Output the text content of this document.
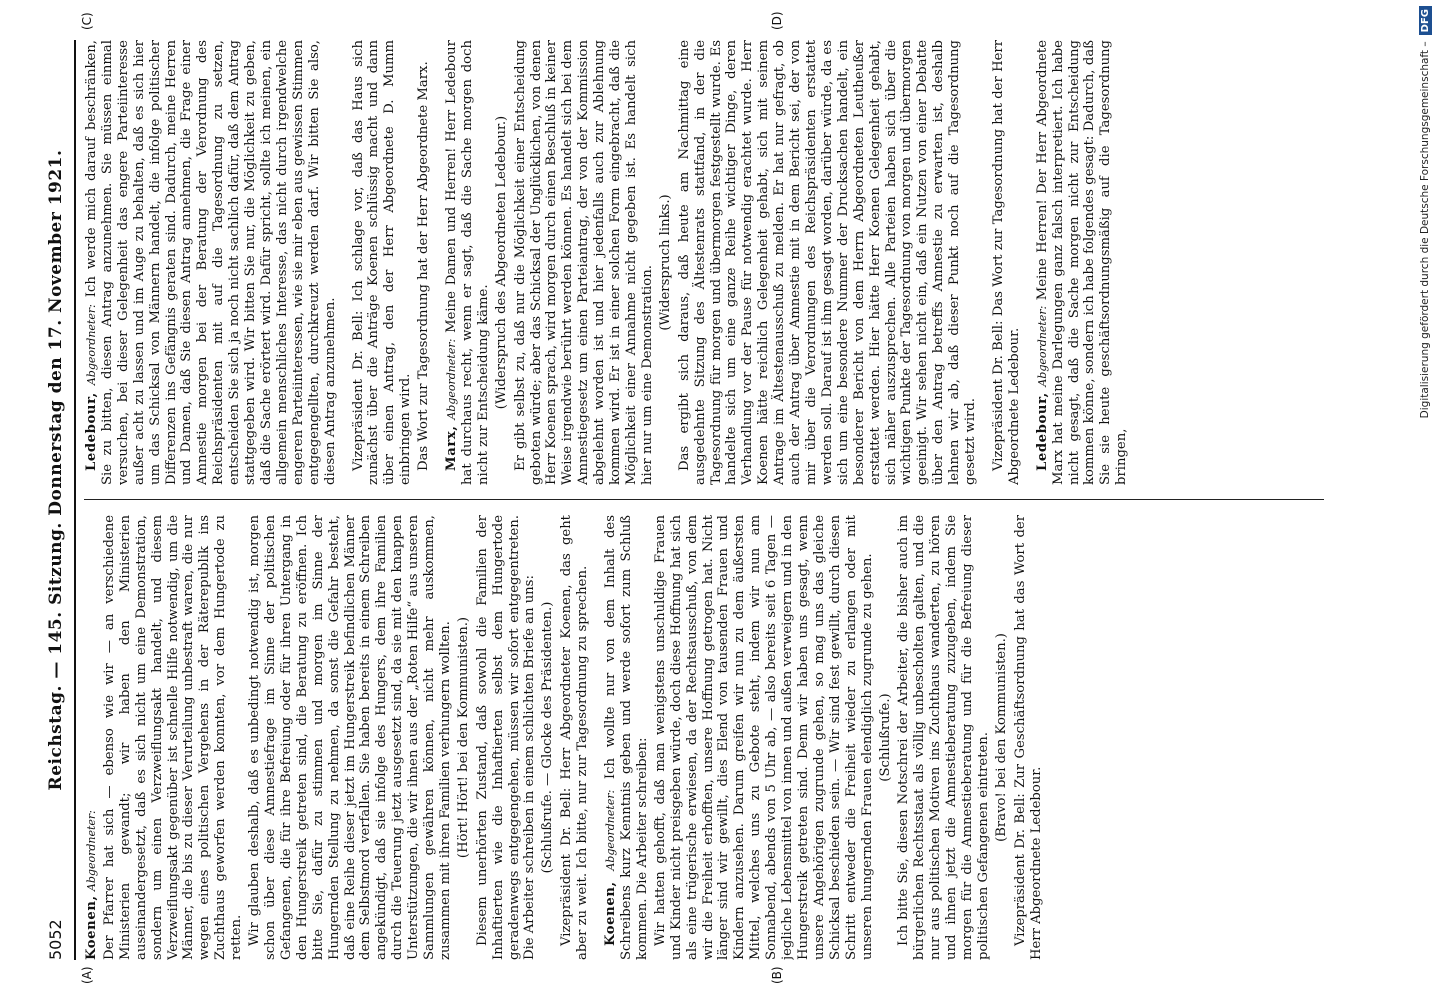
5052
Reichstag. — 145. Sitzung. Donnerstag den 17. November 1921.
(A)	(B)
(C)	(D)

Koenen, Abgeordneter: Der Pfarrer hat sich — ebenso wie wir — an verschiedene Ministerien gewandt; wir haben den Ministerien auseinandergesetzt, daß es sich nicht um eine Demonstration, sondern um einen Verzweiflungsakt handelt, und diesem Verzweiflungsakt gegenüber ist schnelle Hilfe notwendig, um die Männer, die bis zu dieser Verurteilung unbestraft waren, die nur wegen eines politischen Vergehens in der Räterepublik ins Zuchthaus geworfen werden konnten, vor dem Hungertode zu retten. Wir glauben deshalb, daß es unbedingt notwendig ist, morgen schon über diese Amnestiefrage im Sinne der politischen Gefangenen, die für ihre Befreiung oder für ihren Untergang in den Hungerstreik getreten sind, die Beratung zu eröffnen. Ich bitte Sie, dafür zu stimmen und morgen im Sinne der Hungernden Stellung zu nehmen, da sonst die Gefahr besteht, daß eine Reihe dieser jetzt im Hungerstreik befindlichen Männer dem Selbstmord verfallen. Sie haben bereits in einem Schreiben angekündigt, daß sie infolge des Hungers, dem ihre Familien durch die Teuerung jetzt ausgesetzt sind, da sie mit den knappen Unterstützungen, die wir ihnen aus der „Roten Hilfe“ aus unseren Sammlungen gewähren können, nicht mehr auskommen, zusammen mit ihren Familien verhungern wollten. (Hört! Hört! bei den Kommunisten.) Diesem unerhörten Zustand, daß sowohl die Familien der Inhaftierten wie die Inhaftierten selbst dem Hungertode geradenwegs entgegengehen, müssen wir sofort entgegentreten. Die Arbeiter schreiben in einem schlichten Briefe an uns: (Schlußrufe. — Glocke des Präsidenten.) Vizepräsident Dr. Bell: Herr Abgeordneter Koenen, das geht aber zu weit. Ich bitte, nur zur Tagesordnung zu sprechen. Koenen, Abgeordneter: Ich wollte nur von dem Inhalt des Schreibens kurz Kenntnis geben und werde sofort zum Schluß kommen. Die Arbeiter schreiben: Wir hatten gehofft, daß man wenigstens unschuldige Frauen und Kinder nicht preisgeben würde, doch diese Hoffnung hat sich als eine trügerische erwiesen, da der Rechtsausschuß, von dem wir die Freiheit erhofften, unsere Hoffnung getrogen hat. Nicht länger sind wir gewillt, dies Elend von tausenden Frauen und Kindern anzusehen. Darum greifen wir nun zu dem äußersten Mittel, welches uns zu Gebote steht, indem wir nun am Sonnabend, abends von 5 Uhr ab, — also bereits seit 6 Tagen — jegliche Lebensmittel von innen und außen verweigern und in den Hungerstreik getreten sind. Denn wir haben uns gesagt, wenn unsere Angehörigen zugrunde gehen, so mag uns das gleiche Schicksal beschieden sein. — Wir sind fest gewillt, durch diesen Schritt entweder die Freiheit wieder zu erlangen oder mit unseren hungernden Frauen elendiglich zugrunde zu gehen. (Schlußrufe.) Ich bitte Sie, diesen Notschrei der Arbeiter, die bisher auch im bürgerlichen Rechtsstaat als völlig unbescholten galten, und die nur aus politischen Motiven ins Zuchthaus wanderten, zu hören und ihnen jetzt die Amnestieberatung zuzugeben, indem Sie morgen für die Amnestieberatung und für die Befreiung dieser politischen Gefangenen eintreten. (Bravo! bei den Kommunisten.) Vizepräsident Dr. Bell: Zur Geschäftsordnung hat das Wort der Herr Abgeordnete Ledebour.

Ledebour, Abgeordneter: Ich werde mich darauf beschränken, Sie zu bitten, diesen Antrag anzunehmen. Sie müssen einmal versuchen, bei dieser Gelegenheit das engere Parteiinteresse außer acht zu lassen und im Auge zu behalten, daß es sich hier um das Schicksal von Männern handelt, die infolge politischer Differenzen ins Gefängnis geraten sind. Dadurch, meine Herren und Damen, daß Sie diesen Antrag annehmen, die Frage einer Amnestie morgen bei der Beratung der Verordnung des Reichspräsidenten mit auf die Tagesordnung zu setzen, entscheiden Sie sich ja noch nicht sachlich dafür, daß dem Antrag stattgegeben wird. Wir bitten Sie nur, die Möglichkeit zu geben, daß die Sache erörtert wird. Dafür spricht, sollte ich meinen, ein allgemein menschliches Interesse, das nicht durch irgendwelche engeren Parteiinteressen, wie sie mir eben aus gewissen Stimmen entgegengellten, durchkreuzt werden darf. Wir bitten Sie also, diesen Antrag anzunehmen. Vizepräsident Dr. Bell: Ich schlage vor, daß das Haus sich zunächst über die Anträge Koenen schlüssig macht und dann über einen Antrag, den der Herr Abgeordnete D. Mumm einbringen wird. Das Wort zur Tagesordnung hat der Herr Abgeordnete Marx. Marx, Abgeordneter: Meine Damen und Herren! Herr Ledebour hat durchaus recht, wenn er sagt, daß die Sache morgen doch nicht zur Entscheidung käme. (Widerspruch des Abgeordneten Ledebour.) Er gibt selbst zu, daß nur die Möglichkeit einer Entscheidung geboten würde; aber das Schicksal der Unglücklichen, von denen Herr Koenen sprach, wird morgen durch einen Beschluß in keiner Weise irgendwie berührt werden können. Es handelt sich bei dem Amnestiegesetz um einen Parteiantrag, der von der Kommission abgelehnt worden ist und hier jedenfalls auch zur Ablehnung kommen wird. Er ist in einer solchen Form eingebracht, daß die Möglichkeit einer Annahme nicht gegeben ist. Es handelt sich hier nur um eine Demonstration.

(Widerspruch links.) Das ergibt sich daraus, daß heute am Nachmittag eine ausgedehnte Sitzung des Ältestenrats stattfand, in der die Tagesordnung für morgen und übermorgen festgestellt wurde. Es handelte sich um eine ganze Reihe wichtiger Dinge, deren Verhandlung vor der Pause für notwendig erachtet wurde. Herr Koenen hätte reichlich Gelegenheit gehabt, sich mit seinem Antrage im Ältestenausschuß zu melden. Er hat nur gefragt, ob auch der Antrag über Amnestie mit in dem Bericht sei, der von mir über die Verordnungen des Reichspräsidenten erstattet werden soll. Darauf ist ihm gesagt worden, darüber würde, da es sich um eine besondere Nummer der Drucksachen handelt, ein besonderer Bericht von dem Herrn Abgeordneten Leutheußer erstattet werden. Hier hätte Herr Koenen Gelegenheit gehabt, sich näher auszusprechen. Alle Parteien haben sich über die wichtigen Punkte der Tagesordnung von morgen und übermorgen geeinigt. Wir sehen nicht ein, daß ein Nutzen von einer Debatte über den Antrag betreffs Amnestie zu erwarten ist, deshalb lehnen wir ab, daß dieser Punkt noch auf die Tagesordnung gesetzt wird. Vizepräsident Dr. Bell: Das Wort zur Tagesordnung hat der Herr Abgeordnete Ledebour. Ledebour, Abgeordneter: Meine Herren! Der Herr Abgeordnete Marx hat meine Darlegungen ganz falsch interpretiert. Ich habe nicht gesagt, daß die Sache morgen nicht zur Entscheidung kommen könne, sondern ich habe folgendes gesagt: Dadurch, daß Sie sie heute geschäftsordnungsmäßig auf die Tagesordnung bringen,

Digitalisierung gefördert durch die Deutsche Forschungsgemeinschaft –DFG
